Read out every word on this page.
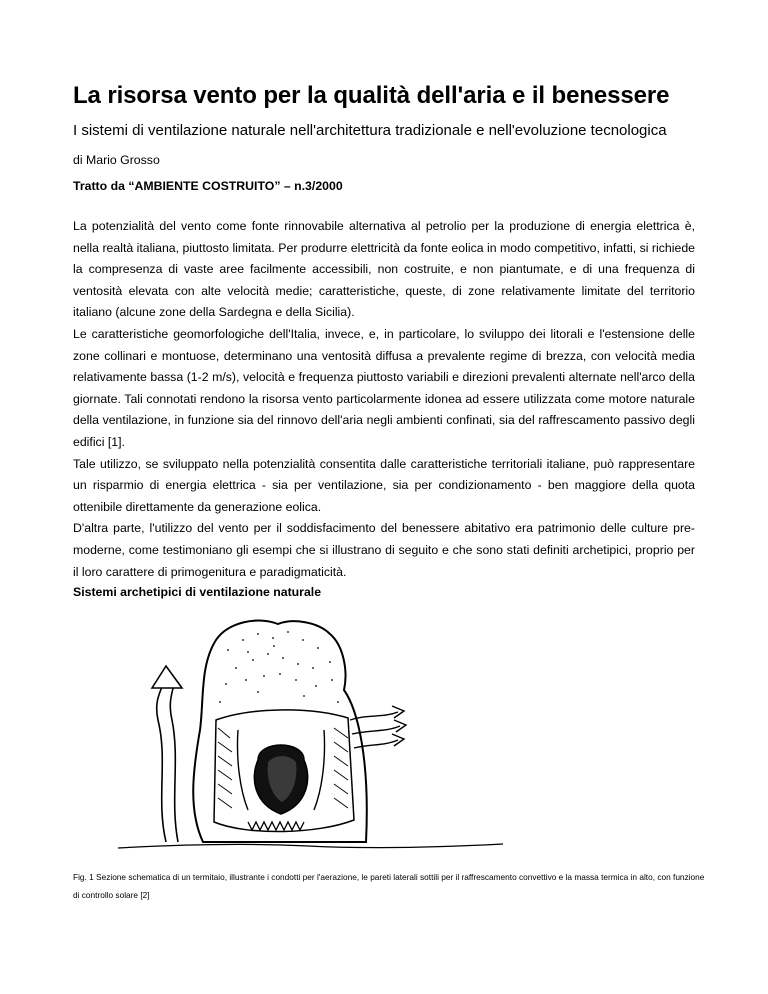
La risorsa vento per la qualità dell'aria e il benessere
I sistemi di ventilazione naturale nell'architettura tradizionale e nell'evoluzione tecnologica
di Mario Grosso
Tratto da “AMBIENTE COSTRUITO” – n.3/2000

La potenzialità del vento come fonte rinnovabile alternativa al petrolio per la produzione di energia elettrica è, nella realtà italiana, piuttosto limitata. Per produrre elettricità da fonte eolica in modo competitivo, infatti, si richiede la compresenza di vaste aree facilmente accessibili, non costruite, e non piantumate, e di una frequenza di ventosità elevata con alte velocità medie; caratteristiche, queste, di zone relativamente limitate del territorio italiano (alcune zone della Sardegna e della Sicilia).

Le caratteristiche geomorfologiche dell'Italia, invece, e, in particolare, lo sviluppo dei litorali e l'estensione delle zone collinari e montuose, determinano una ventosità diffusa a prevalente regime di brezza, con velocità media relativamente bassa (1-2 m/s), velocità e frequenza piuttosto variabili e direzioni prevalenti alternate nell'arco della giornate. Tali connotati rendono la risorsa vento particolarmente idonea ad essere utilizzata come motore naturale della ventilazione, in funzione sia del rinnovo dell'aria negli ambienti confinati, sia del raffrescamento passivo degli edifici [1].

Tale utilizzo, se sviluppato nella potenzialità consentita dalle caratteristiche territoriali italiane, può rappresentare un risparmio di energia elettrica - sia per ventilazione, sia per condizionamento - ben maggiore della quota ottenibile direttamente da generazione eolica.

D'altra parte, l'utilizzo del vento per il soddisfacimento del benessere abitativo era patrimonio delle culture pre-moderne, come testimoniano gli esempi che si illustrano di seguito e che sono stati definiti archetipici, proprio per il loro carattere di primogenitura e paradigmaticità.

Sistemi archetipici di ventilazione naturale
Fig. 1 Sezione schematica di un termitaio, illustrante i condotti per l'aerazione, le pareti laterali sottili per il raffrescamento convettivo e la massa termica in alto, con funzione di controllo solare [2]
